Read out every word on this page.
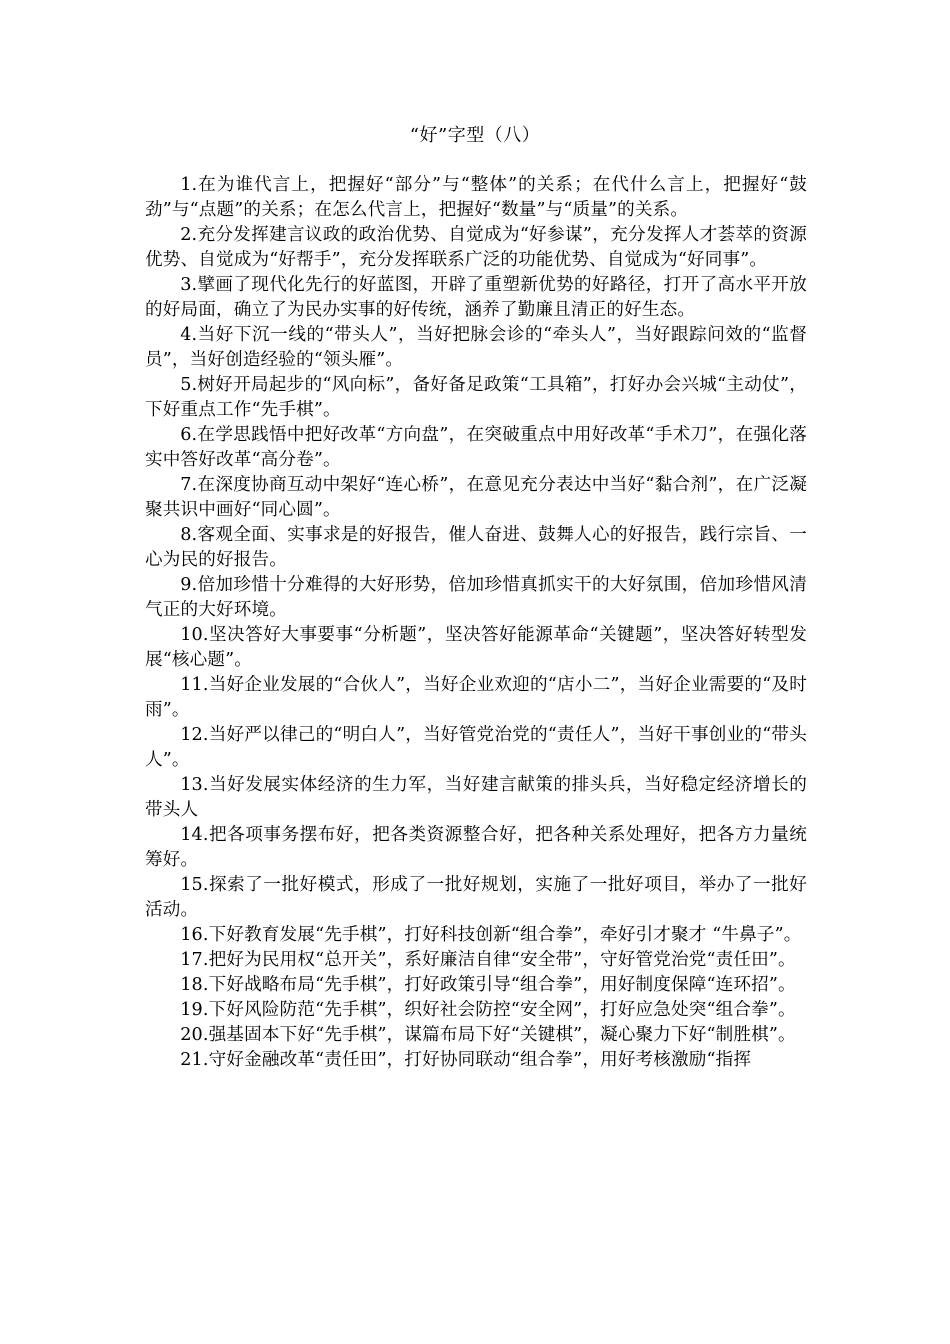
“好”字型（八）

1.在为谁代言上，把握好“部分”与“整体”的关系；在代什么言上，把握好“鼓劲”与“点题”的关系；在怎么代言上，把握好“数量”与“质量”的关系。

2.充分发挥建言议政的政治优势、自觉成为“好参谋”，充分发挥人才荟萃的资源优势、自觉成为“好帮手”，充分发挥联系广泛的功能优势、自觉成为“好同事”。

3.擘画了现代化先行的好蓝图，开辟了重塑新优势的好路径，打开了高水平开放的好局面，确立了为民办实事的好传统，涵养了勤廉且清正的好生态。

4.当好下沉一线的“带头人”，当好把脉会诊的“牵头人”，当好跟踪问效的“监督员”，当好创造经验的“领头雁”。

5.树好开局起步的“风向标”，备好备足政策“工具箱”，打好办会兴城“主动仗”，下好重点工作“先手棋”。

6.在学思践悟中把好改革“方向盘”，在突破重点中用好改革“手术刀”，在强化落实中答好改革“高分卷”。

7.在深度协商互动中架好“连心桥”，在意见充分表达中当好“黏合剂”，在广泛凝聚共识中画好“同心圆”。

8.客观全面、实事求是的好报告，催人奋进、鼓舞人心的好报告，践行宗旨、一心为民的好报告。

9.倍加珍惜十分难得的大好形势，倍加珍惜真抓实干的大好氛围，倍加珍惜风清气正的大好环境。

10.坚决答好大事要事“分析题”，坚决答好能源革命“关键题”，坚决答好转型发展“核心题”。

11.当好企业发展的“合伙人”，当好企业欢迎的“店小二”，当好企业需要的“及时雨”。

12.当好严以律己的“明白人”，当好管党治党的“责任人”，当好干事创业的“带头人”。

13.当好发展实体经济的生力军，当好建言献策的排头兵，当好稳定经济增长的带头人

14.把各项事务摆布好，把各类资源整合好，把各种关系处理好，把各方力量统筹好。

15.探索了一批好模式，形成了一批好规划，实施了一批好项目，举办了一批好活动。

16.下好教育发展“先手棋”，打好科技创新“组合拳”，牵好引才聚才 “牛鼻子”。

17.把好为民用权“总开关”，系好廉洁自律“安全带”，守好管党治党“责任田”。

18.下好战略布局“先手棋”，打好政策引导“组合拳”，用好制度保障“连环招”。

19.下好风险防范“先手棋”，织好社会防控“安全网”，打好应急处突“组合拳”。

20.强基固本下好“先手棋”，谋篇布局下好“关键棋”，凝心聚力下好“制胜棋”。

21.守好金融改革“责任田”，打好协同联动“组合拳”，用好考核激励“指挥
